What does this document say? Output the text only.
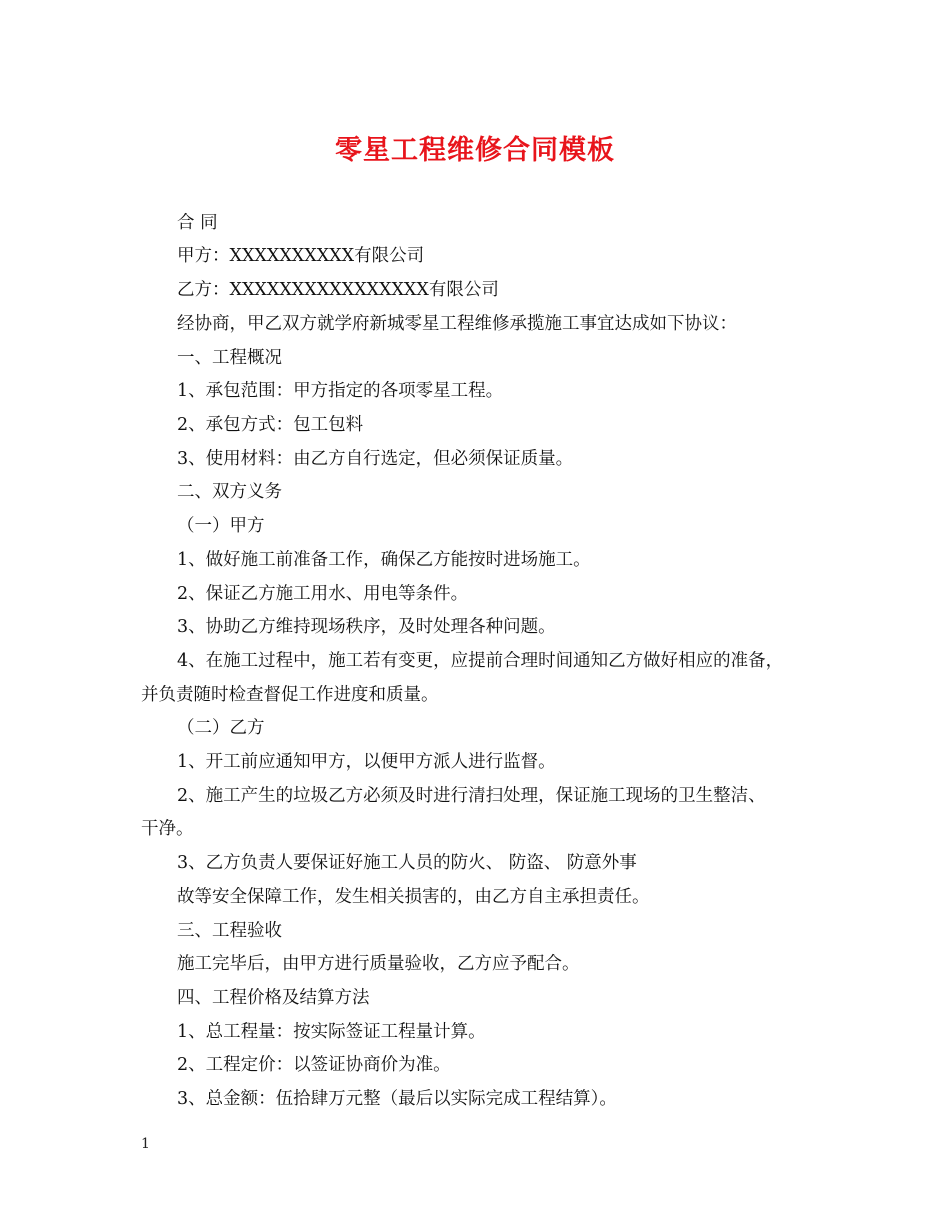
零星工程维修合同模板
合 同
甲方：XXXXXXXXXX有限公司
乙方：XXXXXXXXXXXXXXXX有限公司
经协商，甲乙双方就学府新城零星工程维修承揽施工事宜达成如下协议：
一、工程概况
1、承包范围：甲方指定的各项零星工程。
2、承包方式：包工包料
3、使用材料：由乙方自行选定，但必须保证质量。
二、双方义务
（一）甲方
1、做好施工前准备工作，确保乙方能按时进场施工。
2、保证乙方施工用水、用电等条件。
3、协助乙方维持现场秩序，及时处理各种问题。
4、在施工过程中，施工若有变更，应提前合理时间通知乙方做好相应的准备，
并负责随时检查督促工作进度和质量。
（二）乙方
1、开工前应通知甲方，以便甲方派人进行监督。
2、施工产生的垃圾乙方必须及时进行清扫处理，保证施工现场的卫生整洁、
干净。
3、乙方负责人要保证好施工人员的防火、 防盗、 防意外事
故等安全保障工作，发生相关损害的，由乙方自主承担责任。
三、工程验收
施工完毕后，由甲方进行质量验收，乙方应予配合。
四、工程价格及结算方法
1、总工程量：按实际签证工程量计算。
2、工程定价：以签证协商价为准。
3、总金额：伍拾肆万元整（最后以实际完成工程结算）。
1
